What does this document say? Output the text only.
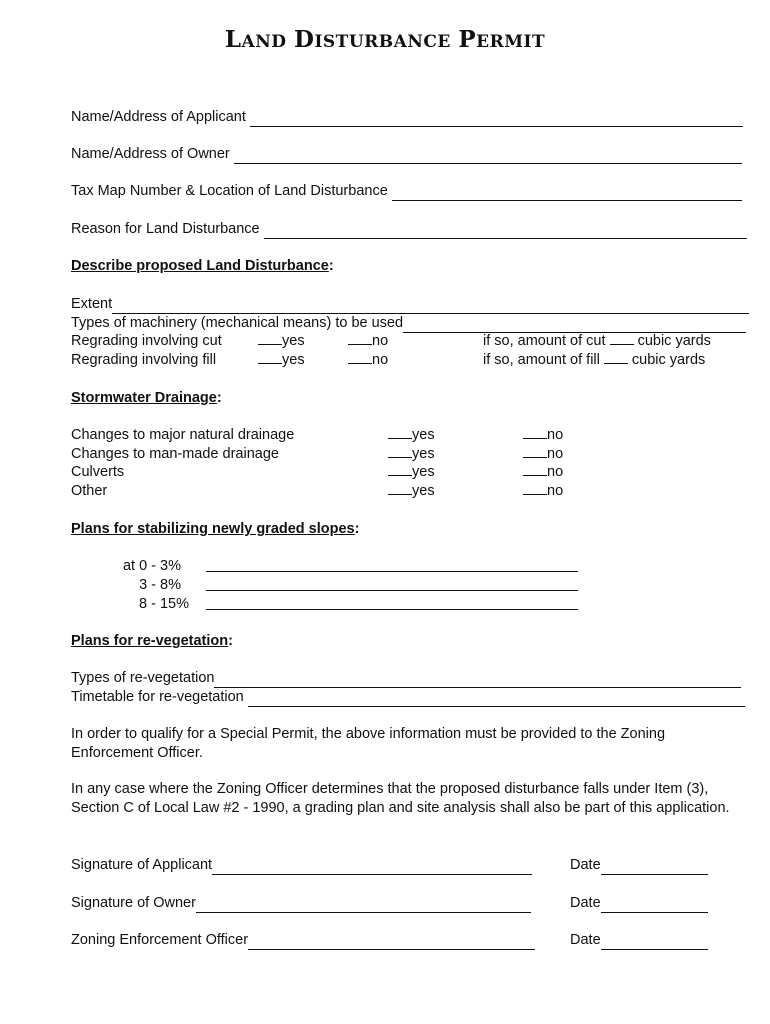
LAND DISTURBANCE PERMIT
Name/Address of Applicant
Name/Address of Owner
Tax Map Number & Location of Land Disturbance
Reason for Land Disturbance
Describe proposed Land Disturbance:
Extent
Types of machinery (mechanical means) to be used
Regrading involving cut	yes	no	if so, amount of cut cubic yards
Regrading involving fill	yes	no	if so, amount of fill cubic yards
Stormwater Drainage:
Changes to major natural drainage	yes	no
Changes to man-made drainage	yes	no
Culverts	yes	no
Other	yes	no
Plans for stabilizing newly graded slopes:
at 0 - 3%
3 - 8%
8 - 15%
Plans for re-vegetation:
Types of re-vegetation
Timetable for re-vegetation
In order to qualify for a Special Permit, the above information must be provided to the Zoning Enforcement Officer.
In any case where the Zoning Officer determines that the proposed disturbance falls under Item (3), Section C of Local Law #2 - 1990, a grading plan and site analysis shall also be part of this application.
Signature of Applicant	Date
Signature of Owner	Date
Zoning Enforcement Officer	Date
